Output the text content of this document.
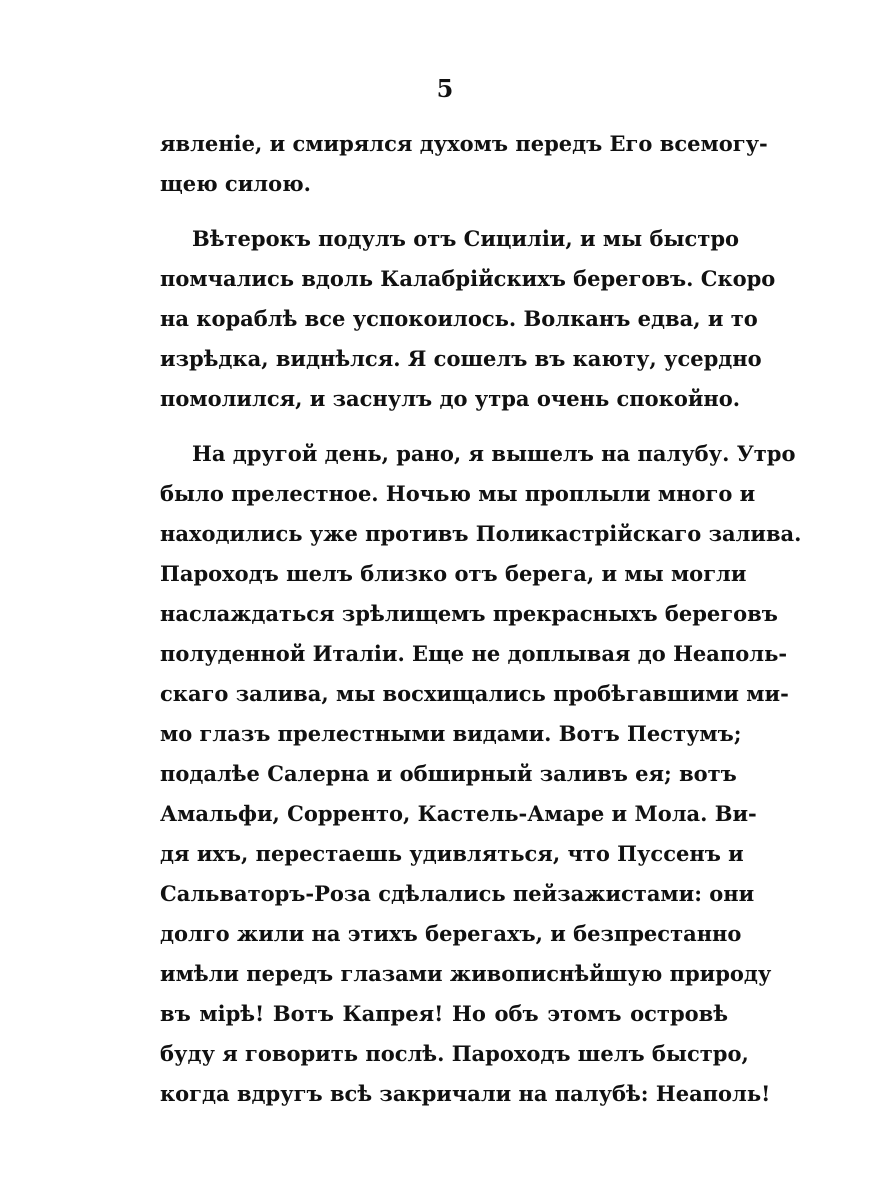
5
явленіе, и смирялся духомъ передъ Его всемогу-
щею силою.
Вѣтерокъ подулъ отъ Сициліи, и мы быстро
помчались вдоль Калабрійскихъ береговъ. Скоро
на кораблѣ все успокоилось. Волканъ едва, и то
изрѣдка, виднѣлся. Я сошелъ въ каюту, усердно
помолился, и заснулъ до утра очень спокойно.
На другой день, рано, я вышелъ на палубу. Утро
было прелестное. Ночью мы проплыли много и
находились уже противъ Поликастрійскаго залива.
Пароходъ шелъ близко отъ берега, и мы могли
наслаждаться зрѣлищемъ прекрасныхъ береговъ
полуденной Италіи. Еще не доплывая до Неаполь-
скаго залива, мы восхищались пробѣгавшими ми-
мо глазъ прелестными видами. Вотъ Пестумъ;
подалѣе Салерна и обширный заливъ ея; вотъ
Амальфи, Сорренто, Кастель-Амаре и Мола. Ви-
дя ихъ, перестаешь удивляться, что Пуссенъ и
Сальваторъ-Роза сдѣлались пейзажистами: они
долго жили на этихъ берегахъ, и безпрестанно
имѣли передъ глазами живописнѣйшую природу
въ мірѣ! Вотъ Капрея! Но объ этомъ островѣ
буду я говорить послѣ. Пароходъ шелъ быстро,
когда вдругъ всѣ закричали на палубѣ: Неаполь!
